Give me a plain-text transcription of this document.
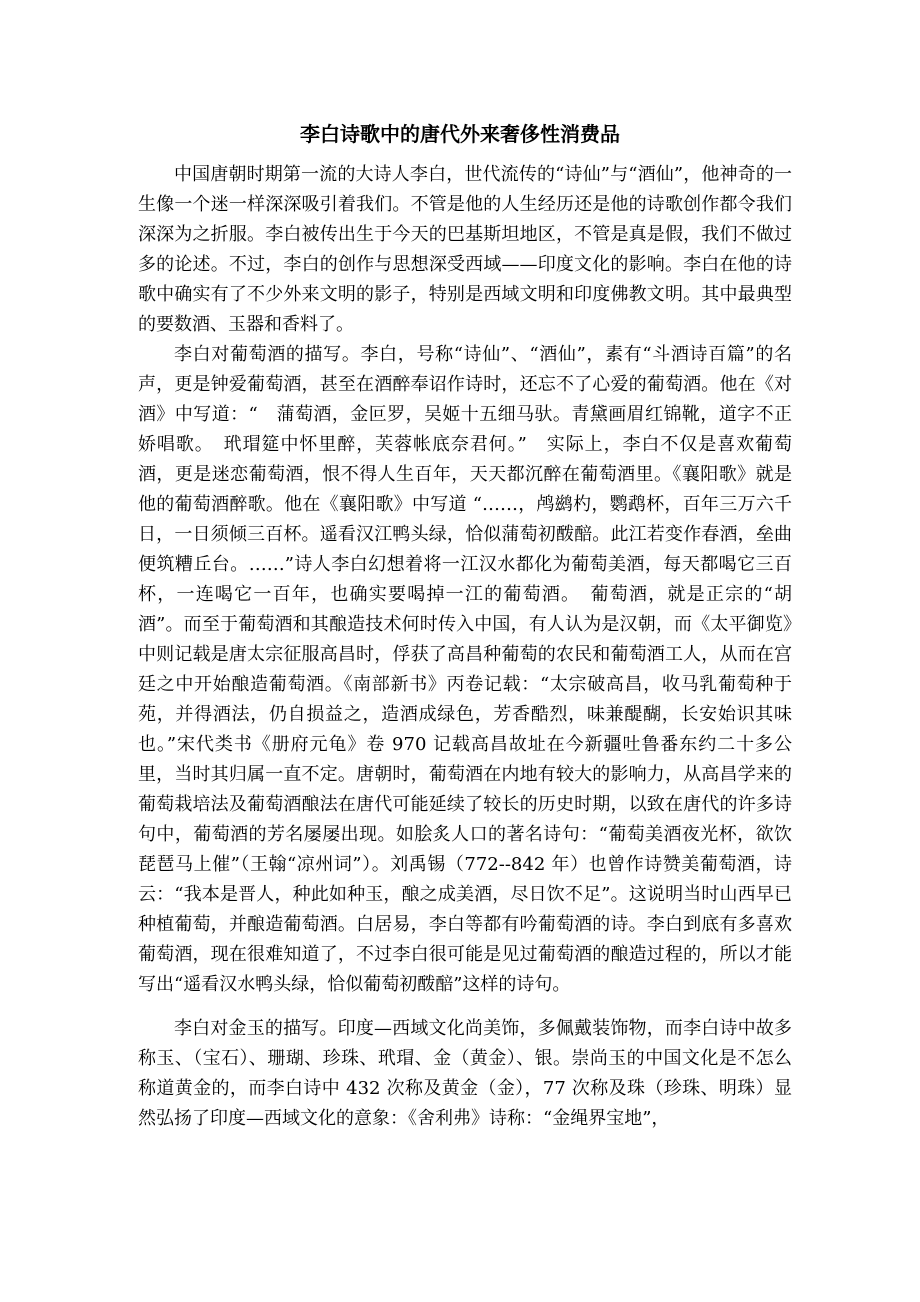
李白诗歌中的唐代外来奢侈性消费品

中国唐朝时期第一流的大诗人李白，世代流传的“诗仙”与“酒仙”，他神奇的一生像一个迷一样深深吸引着我们。不管是他的人生经历还是他的诗歌创作都令我们深深为之折服。李白被传出生于今天的巴基斯坦地区，不管是真是假，我们不做过多的论述。不过，李白的创作与思想深受西域——印度文化的影响。李白在他的诗歌中确实有了不少外来文明的影子，特别是西域文明和印度佛教文明。其中最典型的要数酒、玉器和香料了。

李白对葡萄酒的描写。李白，号称“诗仙”、“酒仙”，素有“斗酒诗百篇”的名声，更是钟爱葡萄酒，甚至在酒醉奉诏作诗时，还忘不了心爱的葡萄酒。他在《对酒》中写道：“　蒲萄酒，金叵罗，吴姬十五细马驮。青黛画眉红锦靴，道字不正娇唱歌。　玳瑁筵中怀里醉，芙蓉帐底奈君何。”　实际上，李白不仅是喜欢葡萄酒，更是迷恋葡萄酒，恨不得人生百年，天天都沉醉在葡萄酒里。《襄阳歌》就是他的葡萄酒醉歌。他在《襄阳歌》中写道 “……，鸬鹚杓，鹦鹉杯，百年三万六千日，一日须倾三百杯。遥看汉江鸭头绿，恰似蒲萄初酦醅。此江若变作春酒，垒曲便筑糟丘台。……”诗人李白幻想着将一江汉水都化为葡萄美酒，每天都喝它三百杯，一连喝它一百年，也确实要喝掉一江的葡萄酒。　葡萄酒，就是正宗的“胡酒”。而至于葡萄酒和其酿造技术何时传入中国，有人认为是汉朝，而《太平御览》中则记载是唐太宗征服高昌时，俘获了高昌种葡萄的农民和葡萄酒工人，从而在宫廷之中开始酿造葡萄酒。《南部新书》丙卷记载：“太宗破高昌，收马乳葡萄种于苑，并得酒法，仍自损益之，造酒成绿色，芳香酷烈，味兼醍醐，长安始识其味也。”宋代类书《册府元龟》卷 970 记载高昌故址在今新疆吐鲁番东约二十多公里，当时其归属一直不定。唐朝时，葡萄酒在内地有较大的影响力，从高昌学来的葡萄栽培法及葡萄酒酿法在唐代可能延续了较长的历史时期，以致在唐代的许多诗句中，葡萄酒的芳名屡屡出现。如脍炙人口的著名诗句：“葡萄美酒夜光杯，欲饮琵琶马上催”（王翰“凉州词”）。刘禹锡（772--842 年）也曾作诗赞美葡萄酒，诗云：“我本是晋人，种此如种玉，酿之成美酒，尽日饮不足”。这说明当时山西早已种植葡萄，并酿造葡萄酒。白居易，李白等都有吟葡萄酒的诗。李白到底有多喜欢葡萄酒，现在很难知道了，不过李白很可能是见过葡萄酒的酿造过程的，所以才能写出“遥看汉水鸭头绿，恰似葡萄初酦醅”这样的诗句。

李白对金玉的描写。印度—西域文化尚美饰，多佩戴装饰物，而李白诗中故多称玉、（宝石）、珊瑚、珍珠、玳瑁、金（黄金）、银。崇尚玉的中国文化是不怎么称道黄金的，而李白诗中 432 次称及黄金（金），77 次称及珠（珍珠、明珠）显然弘扬了印度—西域文化的意象：《舍利弗》诗称：“金绳界宝地”，
